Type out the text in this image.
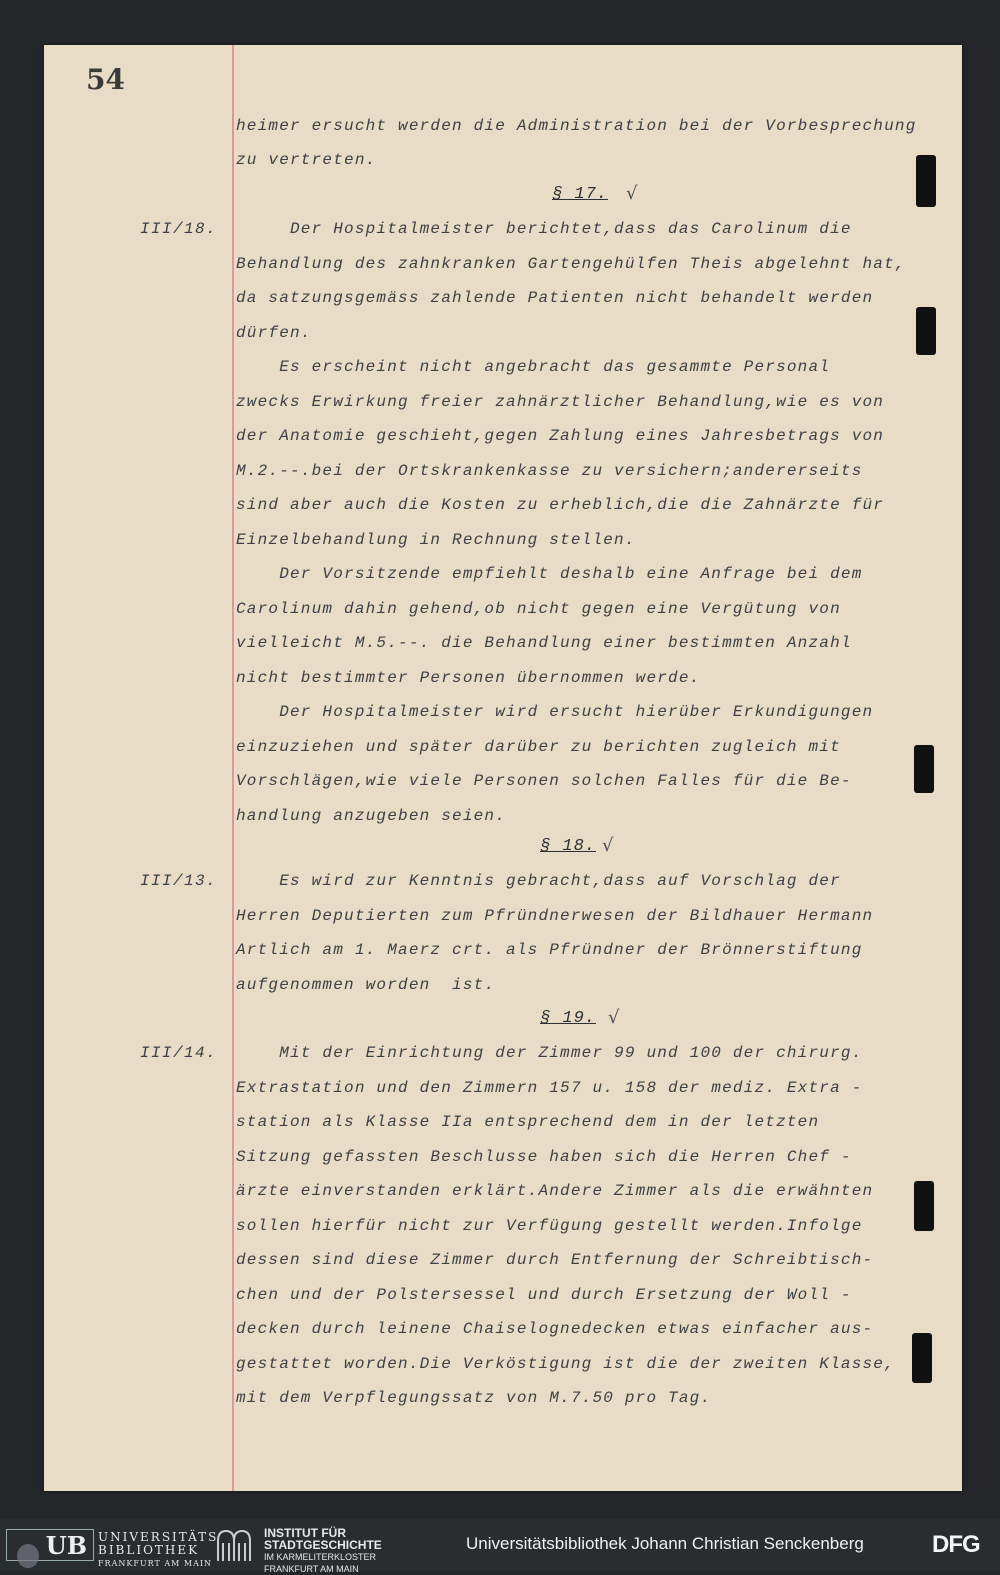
54
heimer ersucht werden die Administration bei der Vorbesprechung
zu vertreten.
§ 17. √
III/18. Der Hospitalmeister berichtet,dass das Carolinum die
Behandlung des zahnkranken Gartengehülfen Theis abgelehnt hat,
da satzungsgemäss zahlende Patienten nicht behandelt werden
dürfen.
Es erscheint nicht angebracht das gesammte Personal
zwecks Erwirkung freier zahnärztlicher Behandlung,wie es von
der Anatomie geschieht,gegen Zahlung eines Jahresbetrags von
M.2.--.bei der Ortskrankenkasse zu versichern;andererseits
sind aber auch die Kosten zu erheblich,die die Zahnärzte für
Einzelbehandlung in Rechnung stellen.
Der Vorsitzende empfiehlt deshalb eine Anfrage bei dem
Carolinum dahin gehend,ob nicht gegen eine Vergütung von
vielleicht M.5.--. die Behandlung einer bestimmten Anzahl
nicht bestimmter Personen übernommen werde.
Der Hospitalmeister wird ersucht hierüber Erkundigungen
einzuziehen und später darüber zu berichten zugleich mit
Vorschlägen,wie viele Personen solchen Falles für die Be-
handlung anzugeben seien.
§ 18. √
III/13. Es wird zur Kenntnis gebracht,dass auf Vorschlag der
Herren Deputierten zum Pfründnerwesen der Bildhauer Hermann
Artlich am 1. Maerz crt. als Pfründner der Brönnerstiftung
aufgenommen worden  ist.
§ 19. √
III/14. Mit der Einrichtung der Zimmer 99 und 100 der chirurg.
Extrastation und den Zimmern 157 u. 158 der mediz. Extra -
station als Klasse IIa entsprechend dem in der letzten
Sitzung gefassten Beschlusse haben sich die Herren Chef -
ärzte einverstanden erklärt.Andere Zimmer als die erwähnten
sollen hierfür nicht zur Verfügung gestellt werden.Infolge
dessen sind diese Zimmer durch Entfernung der Schreibtisch-
chen und der Polstersessel und durch Ersetzung der Woll -
decken durch leinene Chaiselognedecken etwas einfacher aus-
gestattet worden.Die Verköstigung ist die der zweiten Klasse,
mit dem Verpflegungssatz von M.7.50 pro Tag.
UB UNIVERSITÄTS
BIBLIOTHEK
FRANKFURT AM MAIN
INSTITUT FÜR
STADTGESCHICHTE
IM KARMELITERKLOSTER
FRANKFURT AM MAIN
Universitätsbibliothek Johann Christian Senckenberg	DFG
